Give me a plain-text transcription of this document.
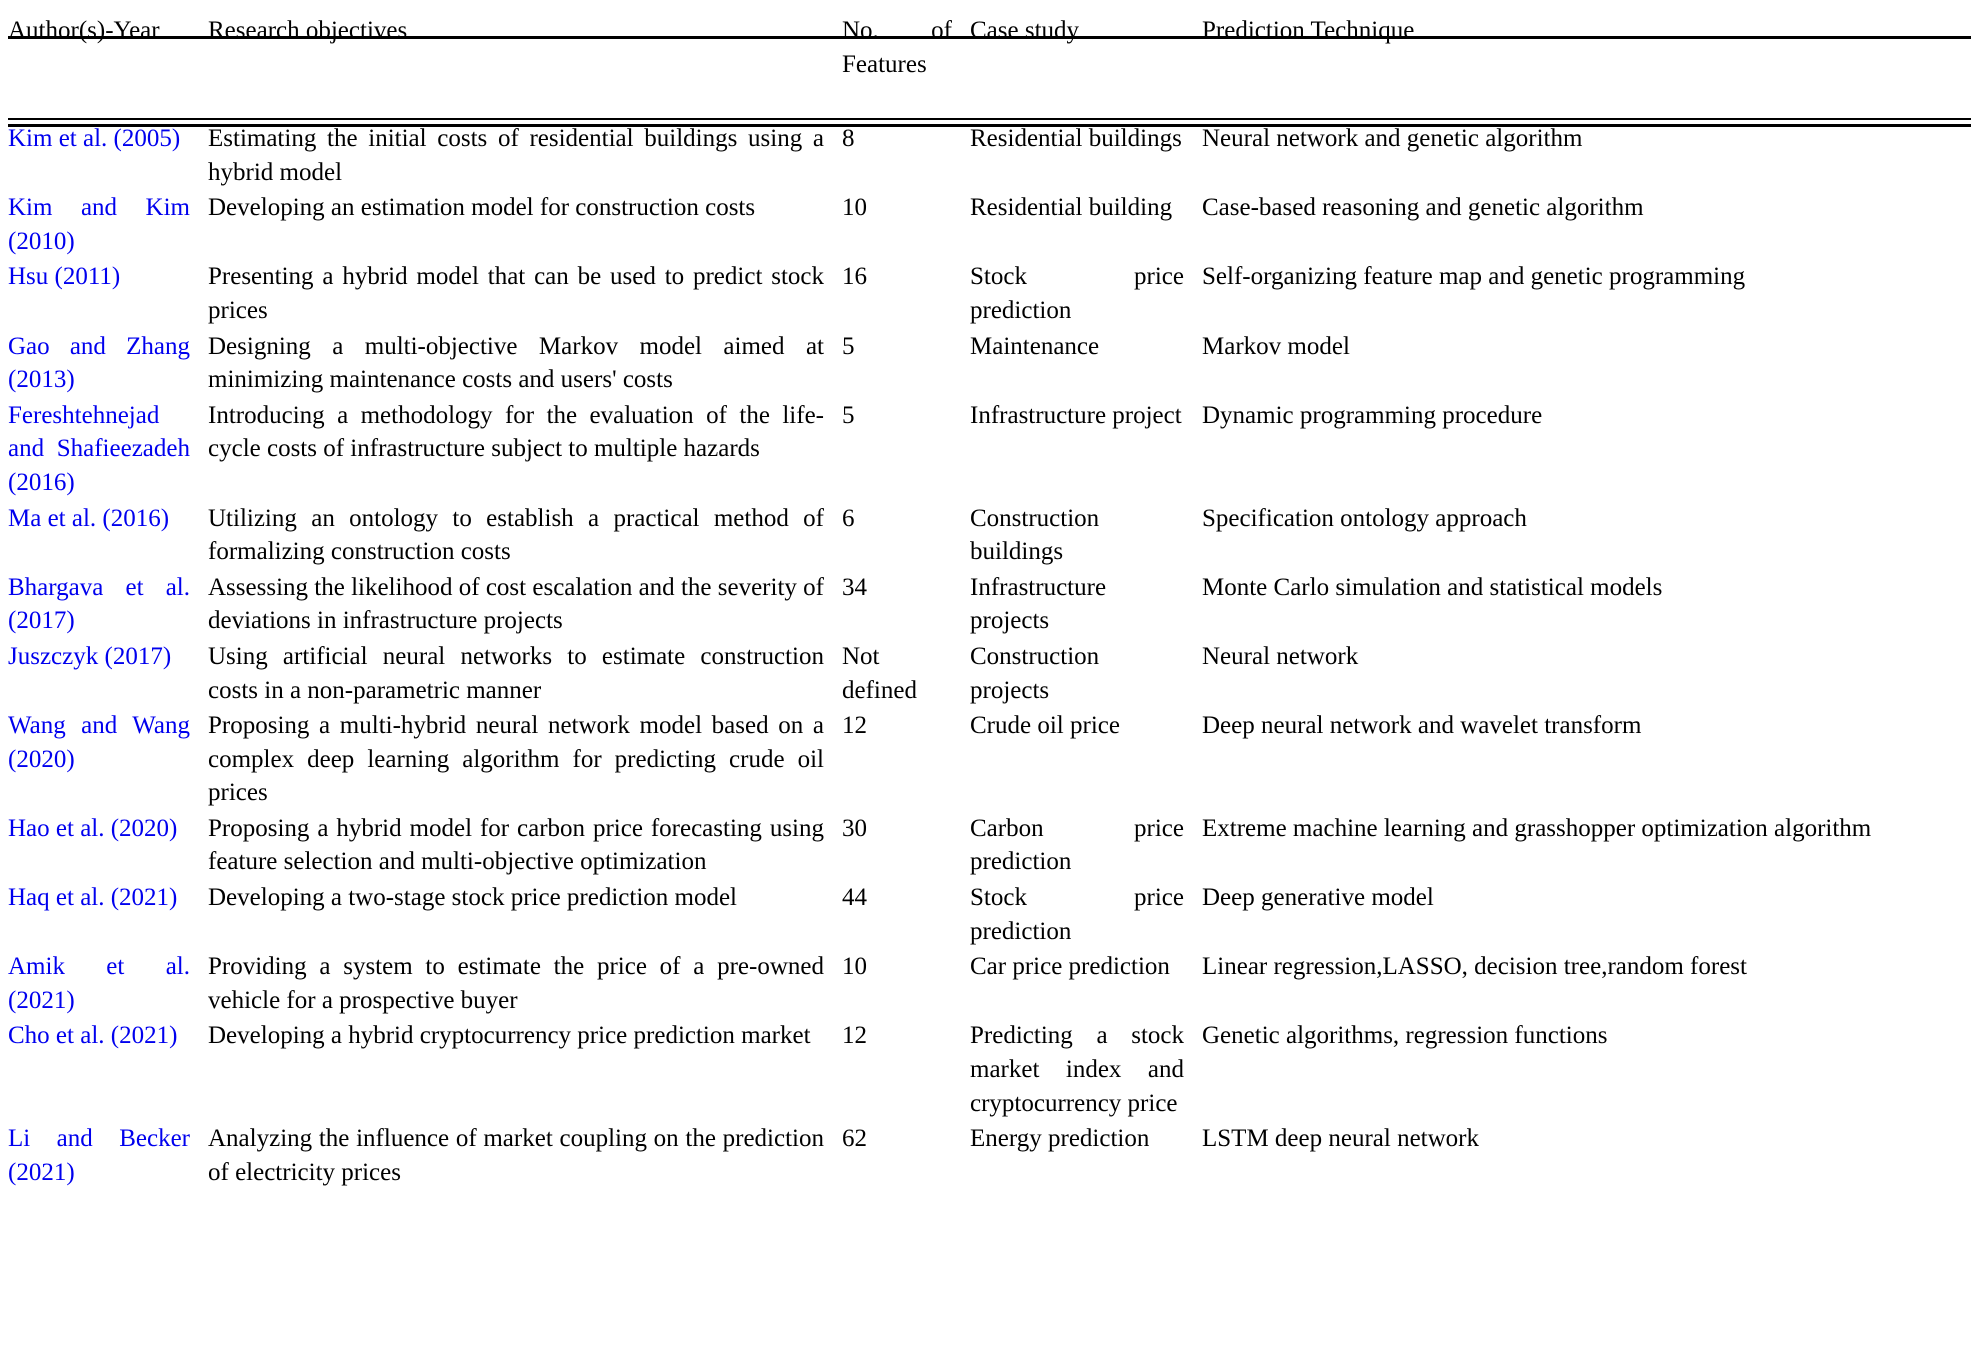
Author(s)-Year	Research objectives	No. of Features	Case study	Prediction Technique
Kim et al. (2005)	Estimating the initial costs of residential buildings using a hybrid model	8	Residential buildings	Neural network and genetic algorithm
Kim and Kim (2010)	Developing an estimation model for construction costs	10	Residential building	Case-based reasoning and genetic algorithm
Hsu (2011)	Presenting a hybrid model that can be used to predict stock prices	16	Stock price prediction	Self-organizing feature map and genetic programming
Gao and Zhang (2013)	Designing a multi-objective Markov model aimed at minimizing maintenance costs and users' costs	5	Maintenance	Markov model
Fereshtehnejad and Shafieezadeh (2016)	Introducing a methodology for the evaluation of the life-cycle costs of infrastructure subject to multiple hazards	5	Infrastructure project	Dynamic programming procedure
Ma et al. (2016)	Utilizing an ontology to establish a practical method of formalizing construction costs	6	Construction buildings	Specification ontology approach
Bhargava et al. (2017)	Assessing the likelihood of cost escalation and the severity of deviations in infrastructure projects	34	Infrastructure projects	Monte Carlo simulation and statistical models
Juszczyk (2017)	Using artificial neural networks to estimate construction costs in a non-parametric manner	Not defined	Construction projects	Neural network
Wang and Wang (2020)	Proposing a multi-hybrid neural network model based on a complex deep learning algorithm for predicting crude oil prices	12	Crude oil price	Deep neural network and wavelet transform
Hao et al. (2020)	Proposing a hybrid model for carbon price forecasting using feature selection and multi-objective optimization	30	Carbon price prediction	Extreme machine learning and grasshopper optimization algorithm
Haq et al. (2021)	Developing a two-stage stock price prediction model	44	Stock price prediction	Deep generative model
Amik et al. (2021)	Providing a system to estimate the price of a pre-owned vehicle for a prospective buyer	10	Car price prediction	Linear regression,LASSO, decision tree,random forest
Cho et al. (2021)	Developing a hybrid cryptocurrency price prediction market	12	Predicting a stock market index and cryptocurrency price	Genetic algorithms, regression functions
Li and Becker (2021)	Analyzing the influence of market coupling on the prediction of electricity prices	62	Energy prediction	LSTM deep neural network
